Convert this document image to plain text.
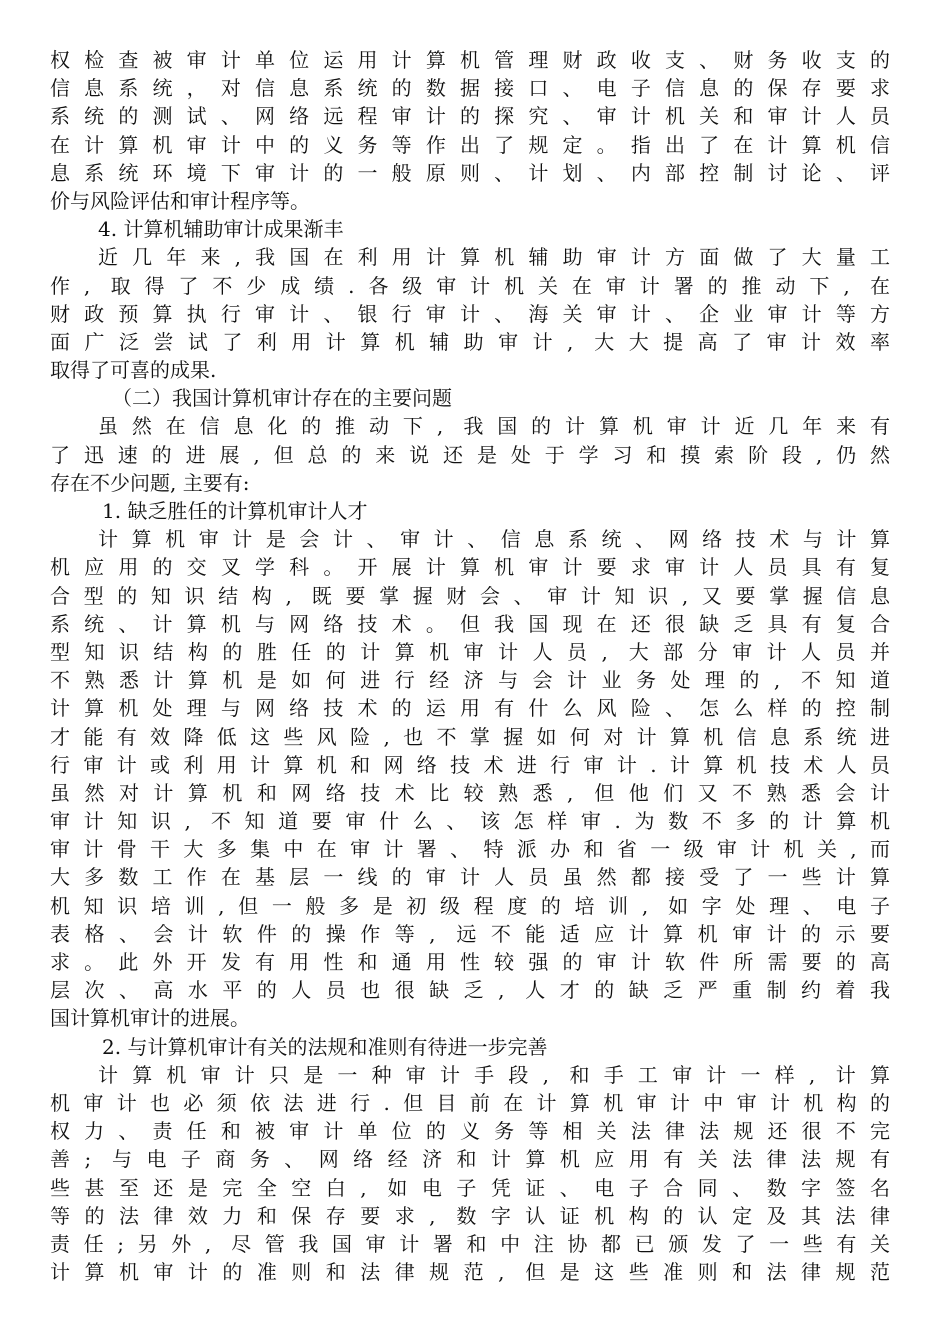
权检查被审计单位运用计算机管理财政收支、财务收支的
信息系统，对信息系统的数据接口、电子信息的保存要求
系统的测试、网络远程审计的探究、审计机关和审计人员
在计算机审计中的义务等作出了规定。指出了在计算机信
息系统环境下审计的一般原则、计划、内部控制讨论、评
价与风险评估和审计程序等。
4. 计算机辅助审计成果渐丰
近几年来,我国在利用计算机辅助审计方面做了大量工
作, 取得了不少成绩.各级审计机关在审计署的推动下, 在
财政预算执行审计、银行审计、海关审计、企业审计等方
面广泛尝试了利用计算机辅助审计, 大大提高了审计效率
取得了可喜的成果.
（二）我国计算机审计存在的主要问题
虽然在信息化的推动下, 我国的计算机审计近几年来有
了迅速的进展,但总的来说还是处于学习和摸索阶段,仍然
存在不少问题, 主要有:
1. 缺乏胜任的计算机审计人才
计算机审计是会计、审计、信息系统、网络技术与计算
机应用的交叉学科。开展计算机审计要求审计人员具有复
合型的知识结构, 既要掌握财会、审计知识,又要掌握信息
系统、计算机与网络技术。但我国现在还很缺乏具有复合
型知识结构的胜任的计算机审计人员, 大部分审计人员并
不熟悉计算机是如何进行经济与会计业务处理的, 不知道
计算机处理与网络技术的运用有什么风险、怎么样的控制
才能有效降低这些风险,也不掌握如何对计算机信息系统进
行审计或利用计算机和网络技术进行审计.计算机技术人员
虽然对计算机和网络技术比较熟悉, 但他们又不熟悉会计
审计知识, 不知道要审什么、该怎样审.为数不多的计算机
审计骨干大多集中在审计署、特派办和省一级审计机关,而
大多数工作在基层一线的审计人员虽然都接受了一些计算
机知识培训,但一般多是初级程度的培训, 如字处理、电子
表格、会计软件的操作等, 远不能适应计算机审计的示要
求。此外开发有用性和通用性较强的审计软件所需要的高
层次、高水平的人员也很缺乏, 人才的缺乏严重制约着我
国计算机审计的进展。
2. 与计算机审计有关的法规和准则有待进一步完善
计算机审计只是一种审计手段, 和手工审计一样, 计算
机审计也必须依法进行.但目前在计算机审计中审计机构的
权力、责任和被审计单位的义务等相关法律法规还很不完
善; 与电子商务、网络经济和计算机应用有关法律法规有
些甚至还是完全空白, 如电子凭证、电子合同、数字签名
等的法律效力和保存要求, 数字认证机构的认定及其法律
责任;另外, 尽管我国审计署和中注协都已颁发了一些有关
计算机审计的准则和法律规范, 但是这些准则和法律规范
